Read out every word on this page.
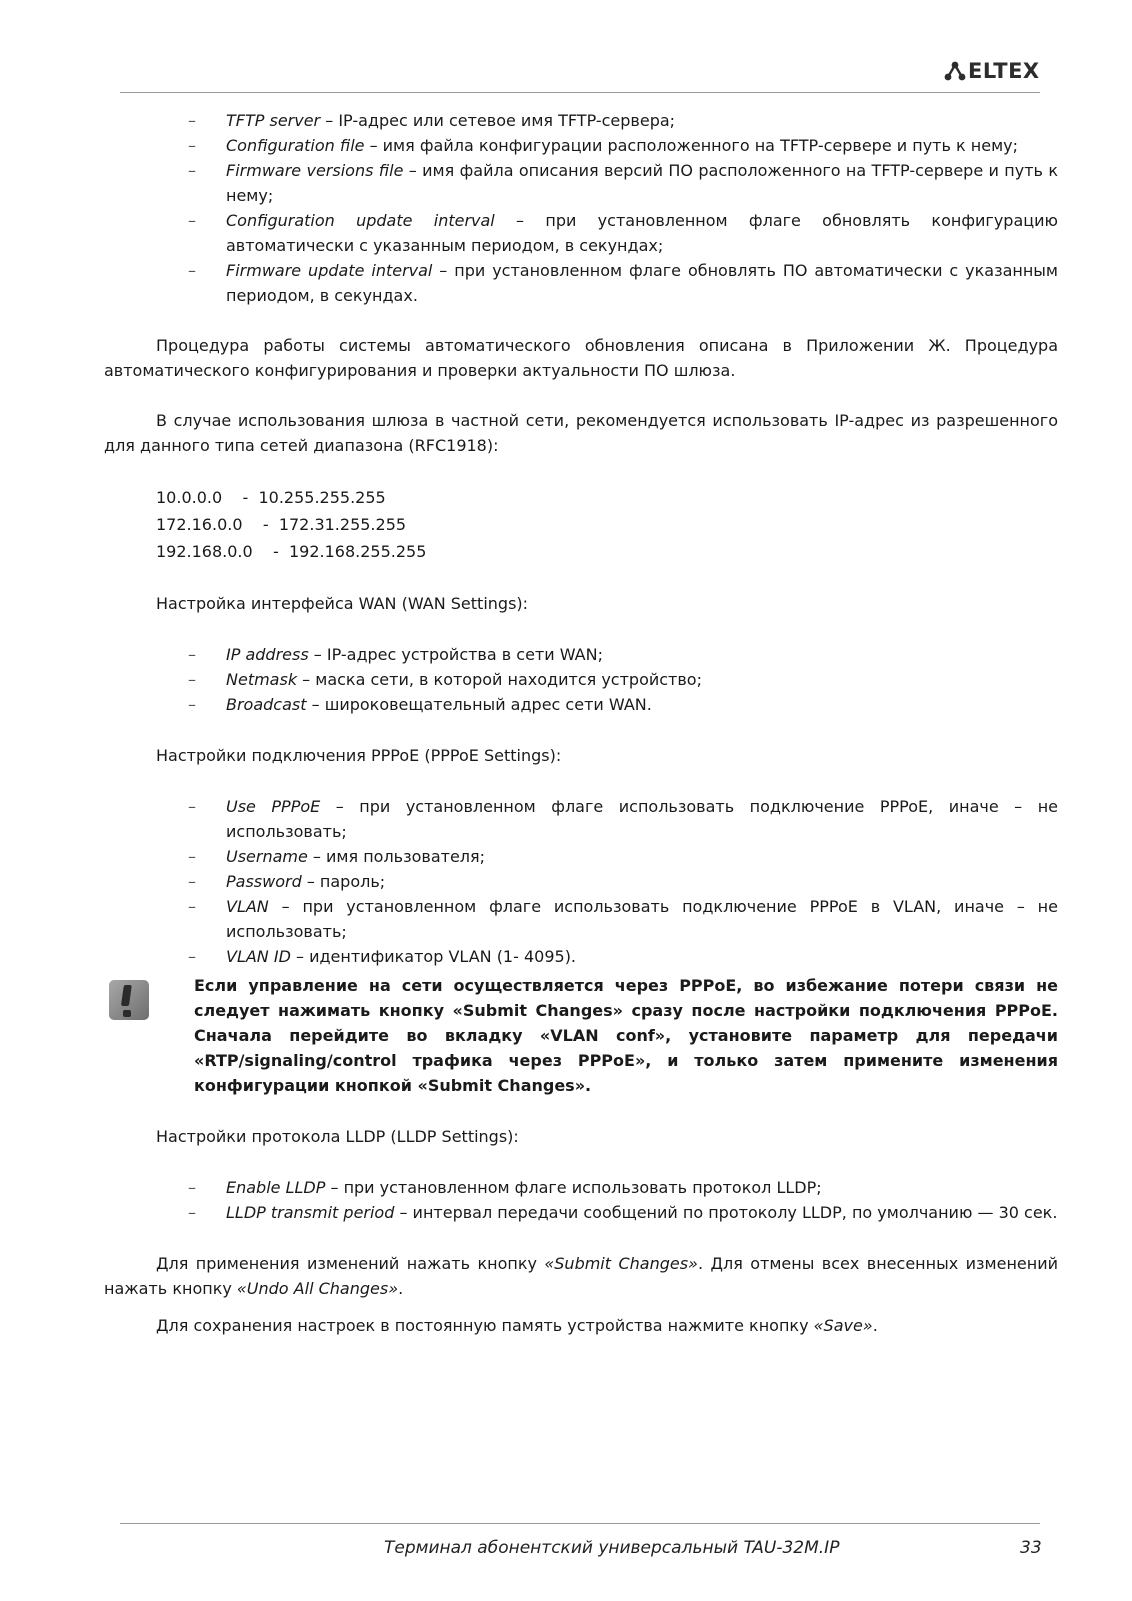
ELTEX
– TFTP server – IP-адрес или сетевое имя TFTP-сервера;
– Configuration file – имя файла конфигурации расположенного на TFTP-сервере и путь к нему;
– Firmware versions file – имя файла описания версий ПО расположенного на TFTP-сервере и путь к нему;
– Configuration update interval – при установленном флаге обновлять конфигурацию автоматически с указанным периодом, в секундах;
– Firmware update interval – при установленном флаге обновлять ПО автоматически с указанным периодом, в секундах.

Процедура работы системы автоматического обновления описана в Приложении Ж. Процедура автоматического конфигурирования и проверки актуальности ПО шлюза.

В случае использования шлюза в частной сети, рекомендуется использовать IP-адрес из разрешенного для данного типа сетей диапазона (RFC1918):

10.0.0.0 - 10.255.255.255
172.16.0.0 - 172.31.255.255
192.168.0.0 - 192.168.255.255

Настройка интерфейса WAN (WAN Settings):

– IP address – IP-адрес устройства в сети WAN;
– Netmask – маска сети, в которой находится устройство;
– Broadcast – широковещательный адрес сети WAN.

Настройки подключения PPPoE (PPPoE Settings):

– Use PPPoE – при установленном флаге использовать подключение PPPoE, иначе – не использовать;
– Username – имя пользователя;
– Password – пароль;
– VLAN – при установленном флаге использовать подключение PPPoE в VLAN, иначе – не использовать;
– VLAN ID – идентификатор VLAN (1- 4095).
Если управление на сети осуществляется через PPPoE, во избежание потери связи не следует нажимать кнопку «Submit Changes» сразу после настройки подключения PPPoE. Сначала перейдите во вкладку «VLAN conf», установите параметр для передачи «RTP/signaling/control трафика через PPPoE», и только затем примените изменения конфигурации кнопкой «Submit Changes».

Настройки протокола LLDP (LLDP Settings):

– Enable LLDP – при установленном флаге использовать протокол LLDP;
– LLDP transmit period – интервал передачи сообщений по протоколу LLDP, по умолчанию — 30 сек.

Для применения изменений нажать кнопку «Submit Changes». Для отмены всех внесенных изменений нажать кнопку «Undo All Changes».

Для сохранения настроек в постоянную память устройства нажмите кнопку «Save».

Терминал абонентский универсальный TAU-32M.IP	33
